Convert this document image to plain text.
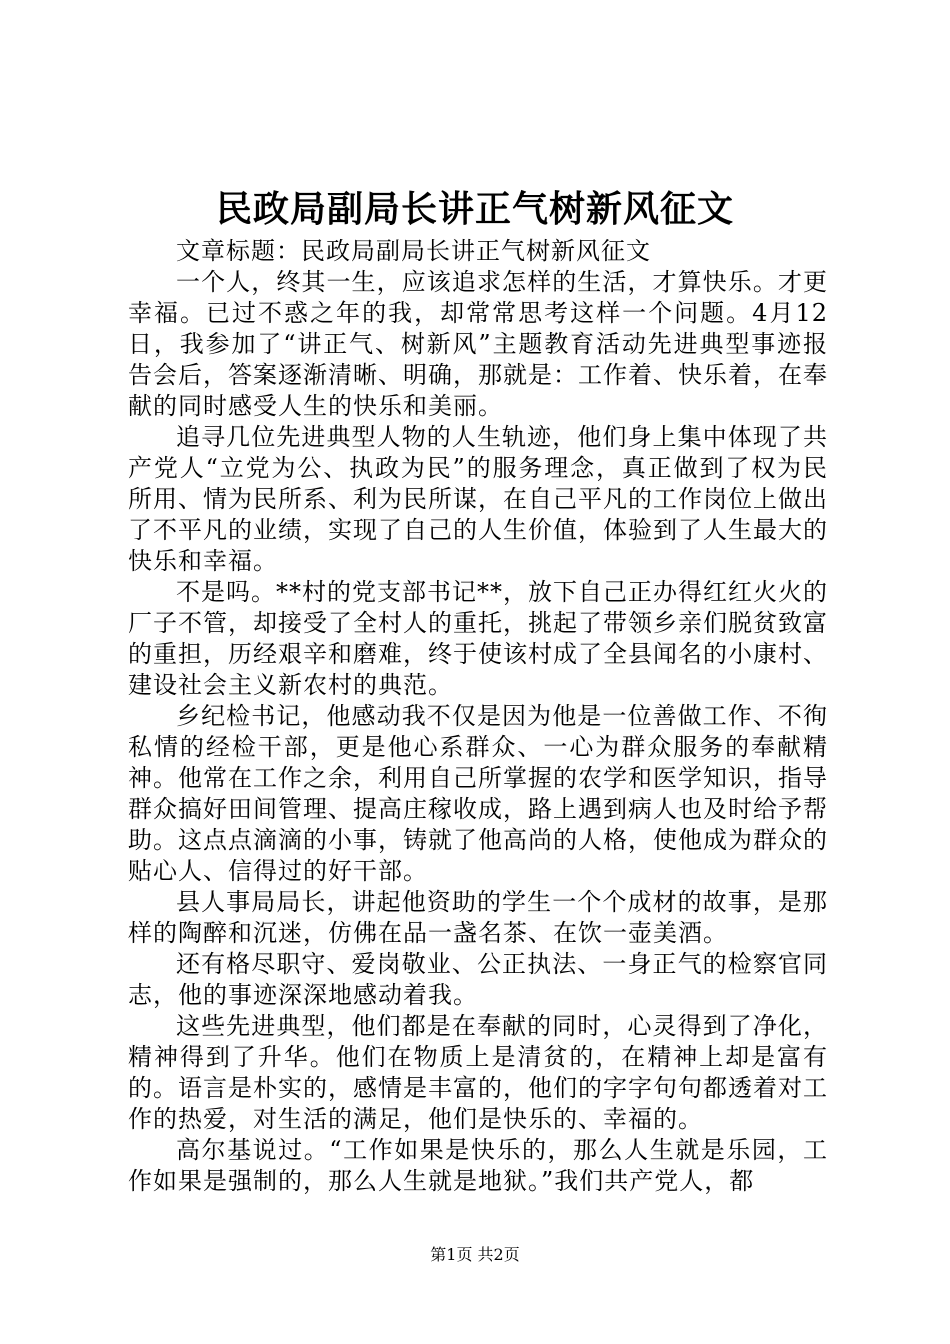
民政局副局长讲正气树新风征文

文章标题：民政局副局长讲正气树新风征文

一个人，终其一生，应该追求怎样的生活，才算快乐。才更幸福。已过不惑之年的我，却常常思考这样一个问题。4月12日，我参加了“讲正气、树新风”主题教育活动先进典型事迹报告会后，答案逐渐清晰、明确，那就是：工作着、快乐着，在奉献的同时感受人生的快乐和美丽。

追寻几位先进典型人物的人生轨迹，他们身上集中体现了共产党人“立党为公、执政为民”的服务理念，真正做到了权为民所用、情为民所系、利为民所谋，在自己平凡的工作岗位上做出了不平凡的业绩，实现了自己的人生价值，体验到了人生最大的快乐和幸福。

不是吗。**村的党支部书记**，放下自己正办得红红火火的厂子不管，却接受了全村人的重托，挑起了带领乡亲们脱贫致富的重担，历经艰辛和磨难，终于使该村成了全县闻名的小康村、建设社会主义新农村的典范。

乡纪检书记，他感动我不仅是因为他是一位善做工作、不徇私情的经检干部，更是他心系群众、一心为群众服务的奉献精神。他常在工作之余，利用自己所掌握的农学和医学知识，指导群众搞好田间管理、提高庄稼收成，路上遇到病人也及时给予帮助。这点点滴滴的小事，铸就了他高尚的人格，使他成为群众的贴心人、信得过的好干部。

县人事局局长，讲起他资助的学生一个个成材的故事，是那样的陶醉和沉迷，仿佛在品一盏名茶、在饮一壶美酒。

还有格尽职守、爱岗敬业、公正执法、一身正气的检察官同志，他的事迹深深地感动着我。

这些先进典型，他们都是在奉献的同时，心灵得到了净化，精神得到了升华。他们在物质上是清贫的，在精神上却是富有的。语言是朴实的，感情是丰富的，他们的字字句句都透着对工作的热爱，对生活的满足，他们是快乐的、幸福的。

高尔基说过。“工作如果是快乐的，那么人生就是乐园，工作如果是强制的，那么人生就是地狱。”我们共产党人，都

第1页 共2页
